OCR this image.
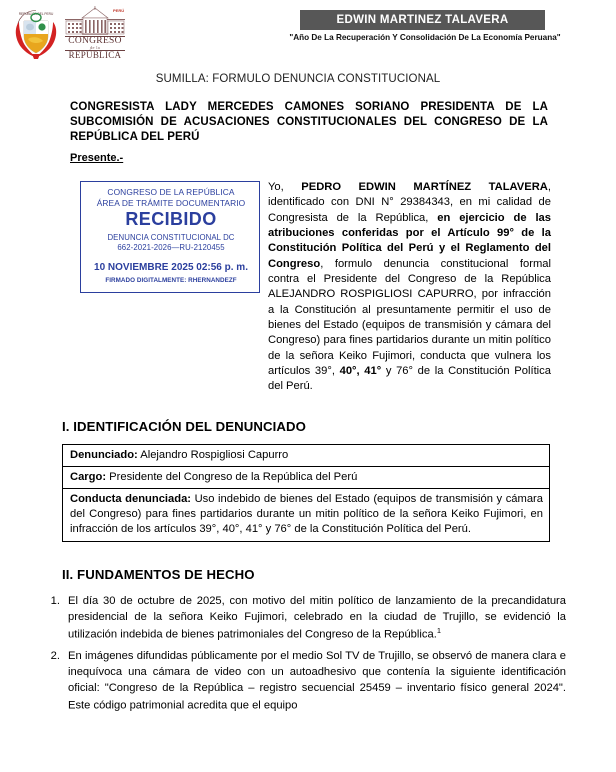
REPUBLICA DEL PERU
PERÚ
CONGRESO
de la
REPÚBLICA
EDWIN MARTINEZ TALAVERA
"Año De La Recuperación Y Consolidación De La Economía Peruana"
SUMILLA: FORMULO DENUNCIA CONSTITUCIONAL
CONGRESISTA LADY MERCEDES CAMONES SORIANO PRESIDENTA DE LA SUBCOMISIÓN DE ACUSACIONES CONSTITUCIONALES DEL CONGRESO DE LA REPÚBLICA DEL PERÚ
Presente.-
CONGRESO DE LA REPÚBLICA
ÁREA DE TRÁMITE DOCUMENTARIO
RECIBIDO
DENUNCIA CONSTITUCIONAL DC
662-2021-2026—RU-2120455
10 NOVIEMBRE 2025 02:56 p. m.
FIRMADO DIGITALMENTE: RHERNANDEZF
Yo, PEDRO EDWIN MARTÍNEZ TALAVERA, identificado con DNI N° 29384343, en mi calidad de Congresista de la República, en ejercicio de las atribuciones conferidas por el Artículo 99° de la Constitución Política del Perú y el Reglamento del Congreso, formulo denuncia constitucional formal contra el Presidente del Congreso de la República ALEJANDRO ROSPIGLIOSI CAPURRO, por infracción a la Constitución al presuntamente permitir el uso de bienes del Estado (equipos de transmisión y cámara del Congreso) para fines partidarios durante un mitin político de la señora Keiko Fujimori, conducta que vulnera los artículos 39°, 40°, 41° y 76° de la Constitución Política del Perú.
I. IDENTIFICACIÓN DEL DENUNCIADO
Denunciado: Alejandro Rospigliosi Capurro
Cargo: Presidente del Congreso de la República del Perú
Conducta denunciada: Uso indebido de bienes del Estado (equipos de transmisión y cámara del Congreso) para fines partidarios durante un mitin político de la señora Keiko Fujimori, en infracción de los artículos 39°, 40°, 41° y 76° de la Constitución Política del Perú.
II. FUNDAMENTOS DE HECHO
1. El día 30 de octubre de 2025, con motivo del mitin político de lanzamiento de la precandidatura presidencial de la señora Keiko Fujimori, celebrado en la ciudad de Trujillo, se evidenció la utilización indebida de bienes patrimoniales del Congreso de la República.$^1$
2. En imágenes difundidas públicamente por el medio Sol TV de Trujillo, se observó de manera clara e inequívoca una cámara de video con un autoadhesivo que contenía la siguiente identificación oficial: "Congreso de la República – registro secuencial 25459 – inventario físico general 2024". Este código patrimonial acredita que el equipo
